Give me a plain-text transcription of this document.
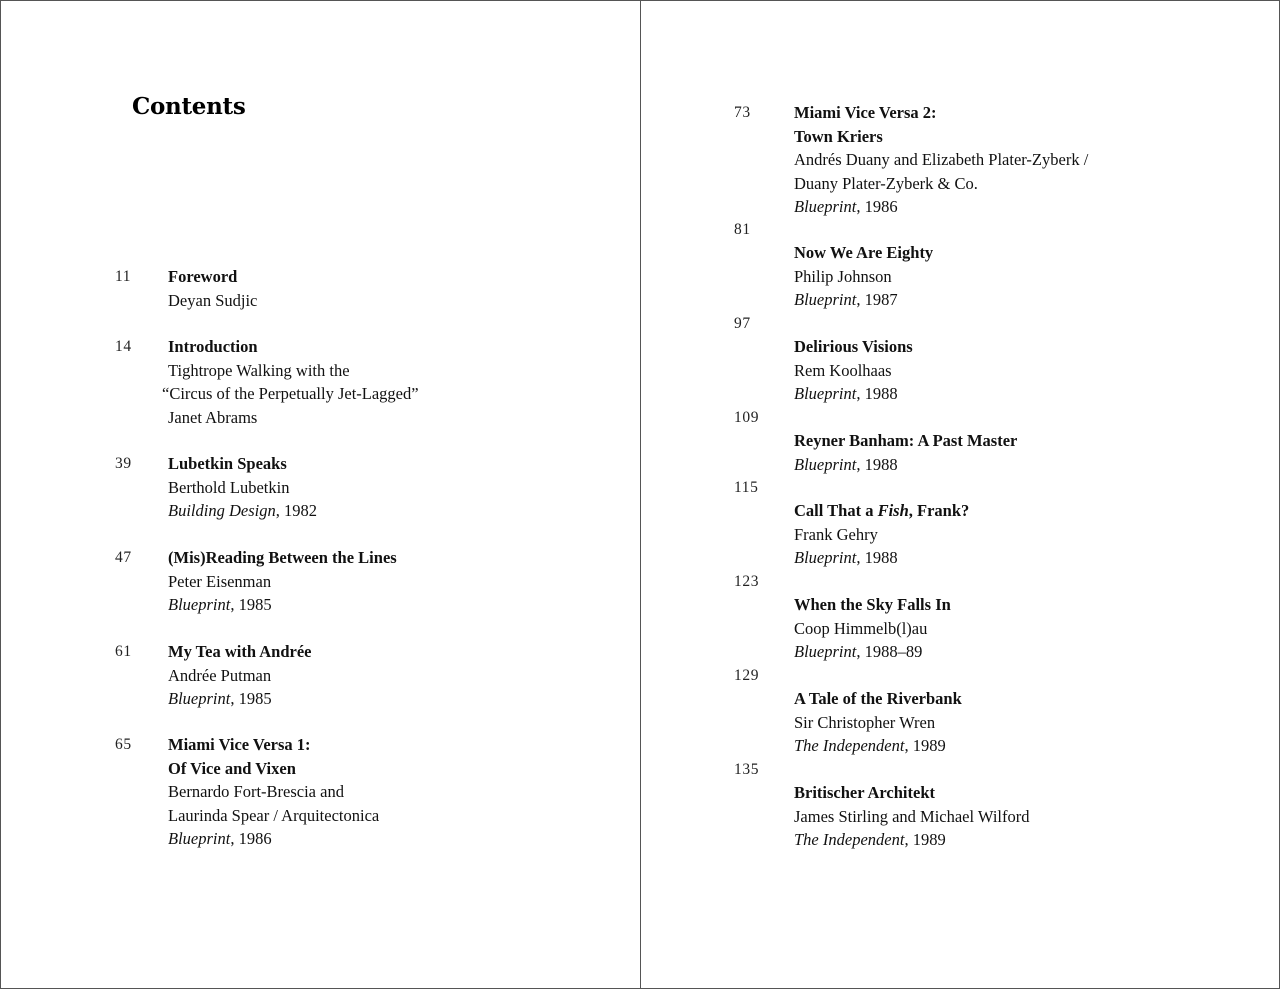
Contents
11 Foreword
Deyan Sudjic
14 Introduction
Tightrope Walking with the
“Circus of the Perpetually Jet-Lagged”
Janet Abrams
39 Lubetkin Speaks
Berthold Lubetkin
Building Design, 1982
47 (Mis)Reading Between the Lines
Peter Eisenman
Blueprint, 1985
61 My Tea with Andrée
Andrée Putman
Blueprint, 1985
65 Miami Vice Versa 1:
Of Vice and Vixen
Bernardo Fort-Brescia and
Laurinda Spear / Arquitectonica
Blueprint, 1986
73	Miami Vice Versa 2:
Town Kriers
Andrés Duany and Elizabeth Plater-Zyberk /
Duany Plater-Zyberk & Co.
Blueprint, 1986
81
Now We Are Eighty
Philip Johnson
Blueprint, 1987
97
Delirious Visions
Rem Koolhaas
Blueprint, 1988
109
Reyner Banham: A Past Master
Blueprint, 1988
115
Call That a Fish, Frank?
Frank Gehry
Blueprint, 1988
123
When the Sky Falls In
Coop Himmelb(l)au
Blueprint, 1988–89
129
A Tale of the Riverbank
Sir Christopher Wren
The Independent, 1989
135
Britischer Architekt
James Stirling and Michael Wilford
The Independent, 1989
